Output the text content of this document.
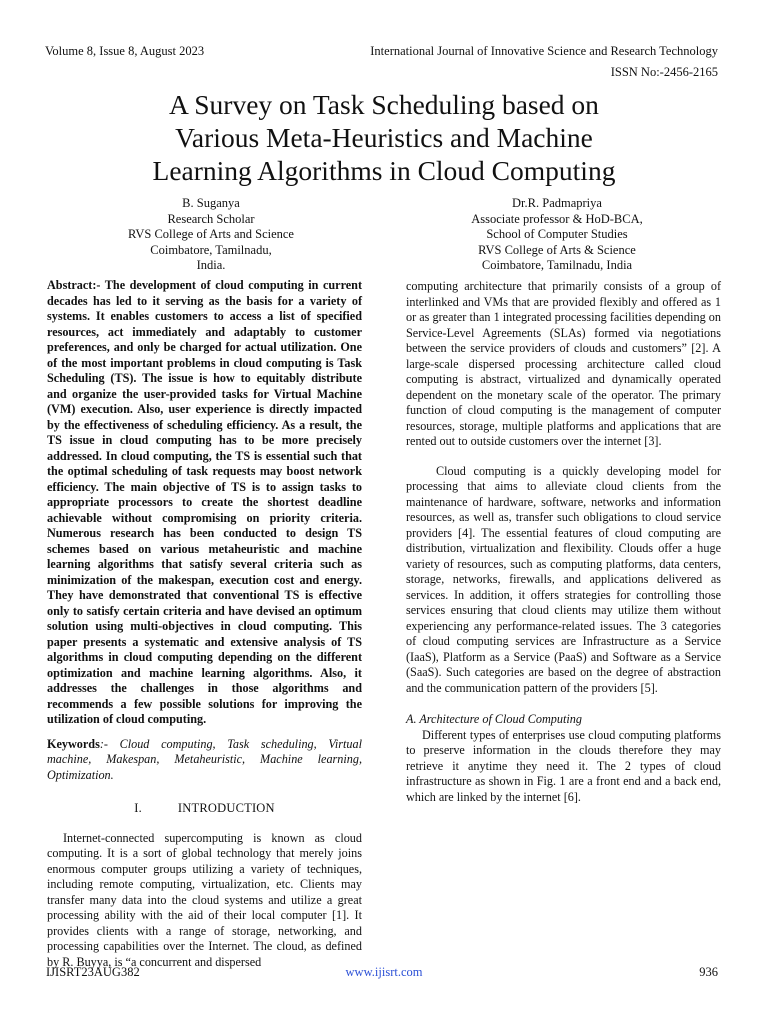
Volume 8, Issue 8, August 2023	International Journal of Innovative Science and Research Technology
ISSN No:-2456-2165
A Survey on Task Scheduling based on
Various Meta-Heuristics and Machine
Learning Algorithms in Cloud Computing
B. Suganya
Research Scholar
RVS College of Arts and Science
Coimbatore, Tamilnadu,
India.
Dr.R. Padmapriya
Associate professor & HoD-BCA,
School of Computer Studies
RVS College of Arts & Science
Coimbatore, Tamilnadu, India

Abstract:- The development of cloud computing in current decades has led to it serving as the basis for a variety of systems. It enables customers to access a list of specified resources, act immediately and adaptably to customer preferences, and only be charged for actual utilization. One of the most important problems in cloud computing is Task Scheduling (TS). The issue is how to equitably distribute and organize the user-provided tasks for Virtual Machine (VM) execution. Also, user experience is directly impacted by the effectiveness of scheduling efficiency. As a result, the TS issue in cloud computing has to be more precisely addressed. In cloud computing, the TS is essential such that the optimal scheduling of task requests may boost network efficiency. The main objective of TS is to assign tasks to appropriate processors to create the shortest deadline achievable without compromising on priority criteria. Numerous research has been conducted to design TS schemes based on various metaheuristic and machine learning algorithms that satisfy several criteria such as minimization of the makespan, execution cost and energy. They have demonstrated that conventional TS is effective only to satisfy certain criteria and have devised an optimum solution using multi-objectives in cloud computing. This paper presents a systematic and extensive analysis of TS algorithms in cloud computing depending on the different optimization and machine learning algorithms. Also, it addresses the challenges in those algorithms and recommends a few possible solutions for improving the utilization of cloud computing.

Keywords:- Cloud computing, Task scheduling, Virtual machine, Makespan, Metaheuristic, Machine learning, Optimization.

I.	INTRODUCTION

Internet-connected supercomputing is known as cloud computing. It is a sort of global technology that merely joins enormous computer groups utilizing a variety of techniques, including remote computing, virtualization, etc. Clients may transfer many data into the cloud systems and utilize a great processing ability with the aid of their local computer [1]. It provides clients with a range of storage, networking, and processing capabilities over the Internet. The cloud, as defined by R. Buyya, is “a concurrent and dispersed

computing architecture that primarily consists of a group of interlinked and VMs that are provided flexibly and offered as 1 or as greater than 1 integrated processing facilities depending on Service-Level Agreements (SLAs) formed via negotiations between the service providers of clouds and customers” [2]. A large-scale dispersed processing architecture called cloud computing is abstract, virtualized and dynamically operated dependent on the monetary scale of the operator. The primary function of cloud computing is the management of computer resources, storage, multiple platforms and applications that are rented out to outside customers over the internet [3].

Cloud computing is a quickly developing model for processing that aims to alleviate cloud clients from the maintenance of hardware, software, networks and information resources, as well as, transfer such obligations to cloud service providers [4]. The essential features of cloud computing are distribution, virtualization and flexibility. Clouds offer a huge variety of resources, such as computing platforms, data centers, storage, networks, firewalls, and applications delivered as services. In addition, it offers strategies for controlling those services ensuring that cloud clients may utilize them without experiencing any performance-related issues. The 3 categories of cloud computing services are Infrastructure as a Service (IaaS), Platform as a Service (PaaS) and Software as a Service (SaaS). Such categories are based on the degree of abstraction and the communication pattern of the providers [5].

A. Architecture of Cloud Computing

Different types of enterprises use cloud computing platforms to preserve information in the clouds therefore they may retrieve it anytime they need it. The 2 types of cloud infrastructure as shown in Fig. 1 are a front end and a back end, which are linked by the internet [6].

IJISRT23AUG382	www.ijisrt.com	936
